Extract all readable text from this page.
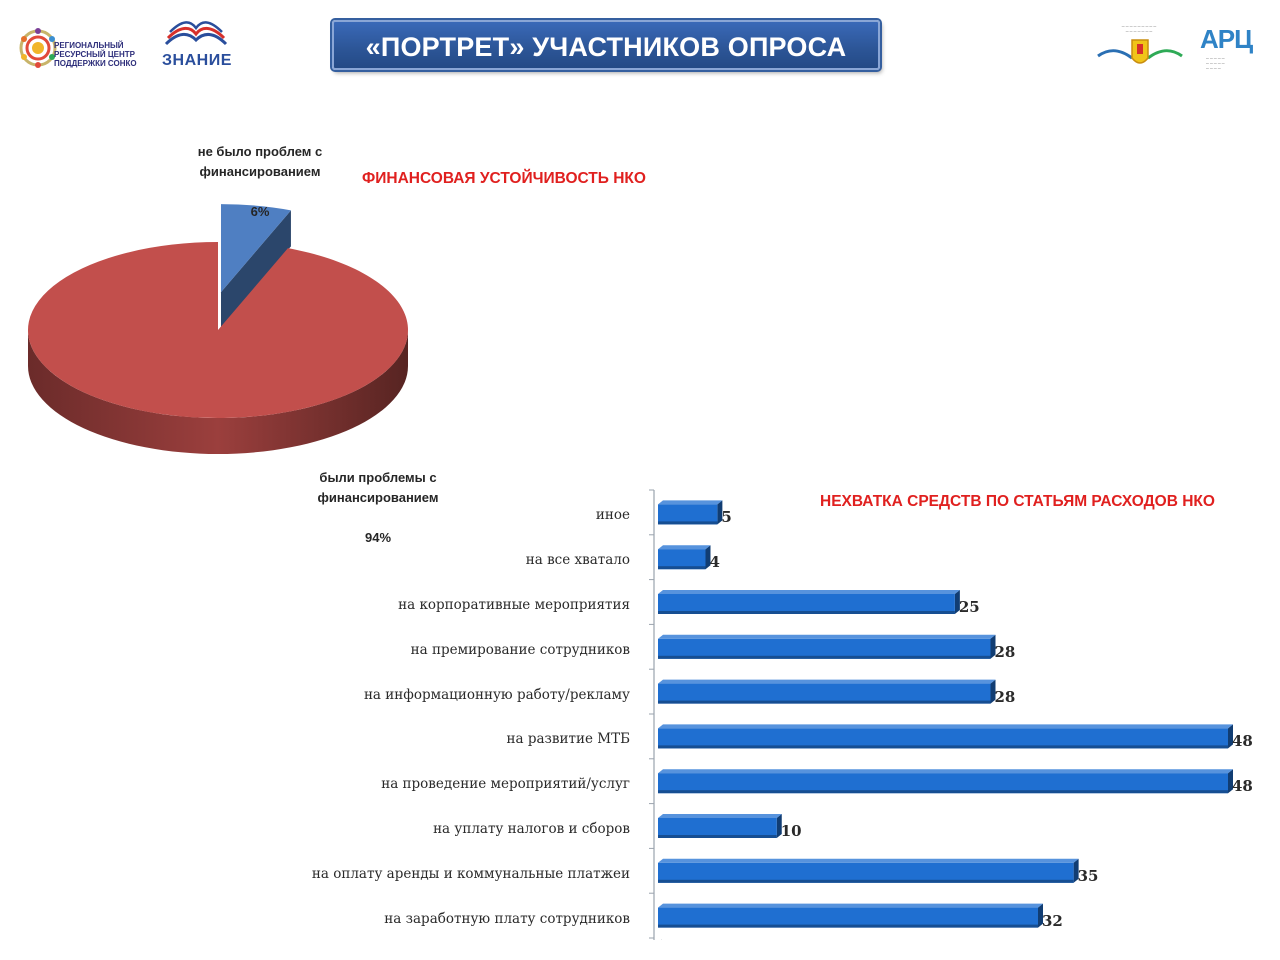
РЕГИОНАЛЬНЫЙ
РЕСУРСНЫЙ ЦЕНТР
ПОДДЕРЖКИ СОНКО	ЗНАНИЕ	«ПОРТРЕТ» УЧАСТНИКОВ ОПРОСА
─ ─ ─ ─ ─ ─ ─ ─ ─
─ ─ ─ ─ ─ ─ ─	АРЦ
─ ─ ─ ─ ─
─ ─ ─ ─ ─
─ ─ ─ ─
ФИНАНСОВАЯ УСТОЙЧИВОСТЬ НКО

не было проблем с
финансированием

6%

были проблемы с
финансированием

94%

НЕХВАТКА СРЕДСТВ ПО СТАТЬЯМ РАСХОДОВ НКО
иное	5
на все хватало	4
на корпоративные мероприятия	25
на премирование сотрудников	28
на информационную работу/рекламу	28
на развитие МТБ	48
на проведение мероприятий/услуг	48
на уплату налогов и сборов	10
на оплату аренды и коммунальные платжеи	35
на заработную плату сотрудников	32
